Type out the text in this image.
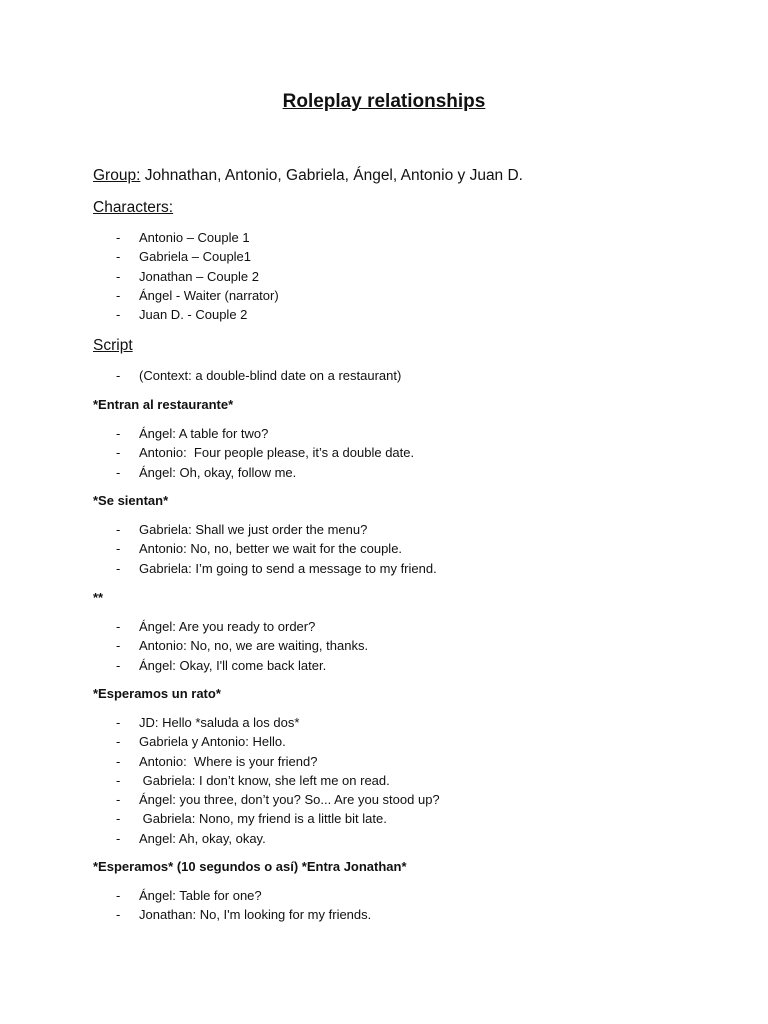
Roleplay relationships
Group: Johnathan, Antonio, Gabriela, Ángel, Antonio y Juan D.
Characters:
- Antonio – Couple 1
- Gabriela – Couple1
- Jonathan – Couple 2
- Ángel - Waiter (narrator)
- Juan D. - Couple 2
Script
- (Context: a double-blind date on a restaurant)
*Entran al restaurante*
- Ángel: A table for two?
- Antonio:  Four people please, it’s a double date.
- Ángel: Oh, okay, follow me.
*Se sientan*
- Gabriela: Shall we just order the menu?
- Antonio: No, no, better we wait for the couple.
- Gabriela: I’m going to send a message to my friend.
**
- Ángel: Are you ready to order?
- Antonio: No, no, we are waiting, thanks.
- Ángel: Okay, I'll come back later.
*Esperamos un rato*
- JD: Hello *saluda a los dos*
- Gabriela y Antonio: Hello.
- Antonio:  Where is your friend?
- Gabriela: I don’t know, she left me on read.
- Ángel: you three, don’t you? So... Are you stood up?
- Gabriela: Nono, my friend is a little bit late.
- Angel: Ah, okay, okay.
*Esperamos* (10 segundos o así) *Entra Jonathan*
- Ángel: Table for one?
- Jonathan: No, I'm looking for my friends.
